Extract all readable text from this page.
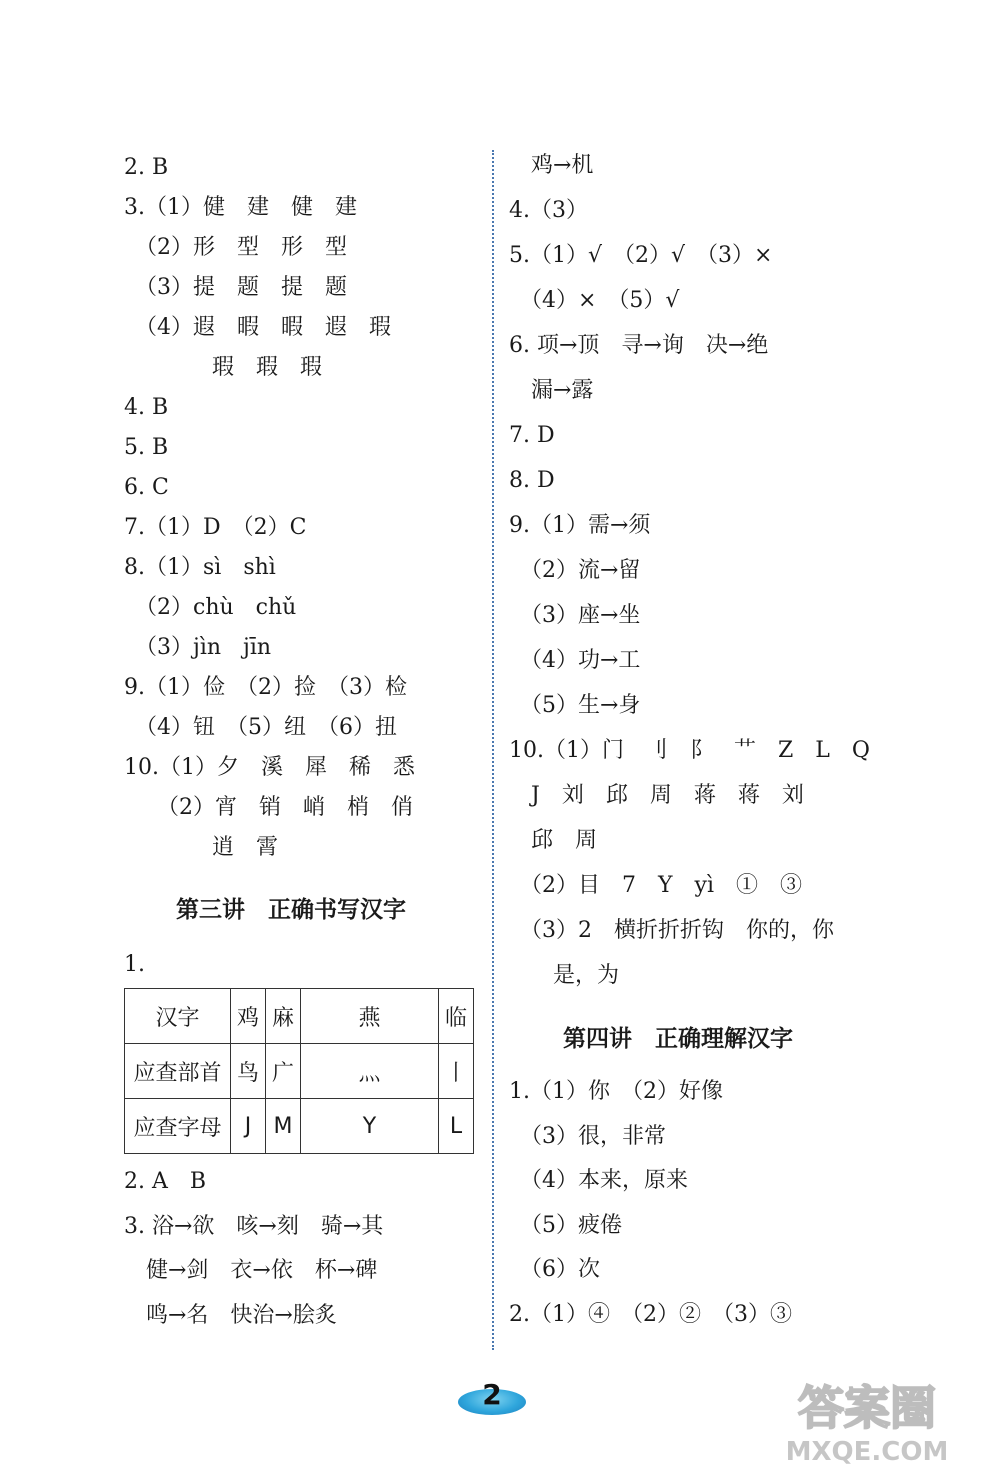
2. B
3.（1）健　建　健　建
　（2）形　型　形　型
　（3）提　题　提　题
　（4）遐　暇　暇　遐　瑕
　　　　瑕　瑕　瑕
4. B
5. B
6. C
7.（1）D　（2）C
8.（1）sì　shì
　（2）chù　chǔ
　（3）jìn　jīn
9.（1）俭　（2）捡　（3）检
　（4）钮　（5）纽　（6）扭
10.（1）夕　溪　犀　稀　悉
　　（2）宵　销　峭　梢　俏
　　　　逍　霄
第三讲　正确书写汉字
1.
汉字	鸡	麻	燕	临
应查部首	鸟	广	灬	丨
应查字母	J	M	Y	L
2. A　B
3. 浴→欲　咳→刻　骑→其
　健→剑　衣→依　杯→碑
　鸣→名　快治→脍炙
　鸡→机
4.（3）
5.（1）√　（2）√　（3）×
　（4）×　（5）√
6. 项→顶　寻→询　决→绝
　漏→露
7. D
8. D
9.（1）需→须
　（2）流→留
　（3）座→坐
　（4）功→工
　（5）生→身
10.（1）门　刂　阝　艹　Z　L　Q
　J　刘　邱　周　蒋　蒋　刘
　邱　周
　（2）目　7　Y　yì　①　③
　（3）2　横折折折钩　你的，你
　　是，为
第四讲　正确理解汉字
1.（1）你　（2）好像
　（3）很，非常
　（4）本来，原来
　（5）疲倦
　（6）次
2.（1）④　（2）②　（3）③
2	答案圈
MXQE.COM
